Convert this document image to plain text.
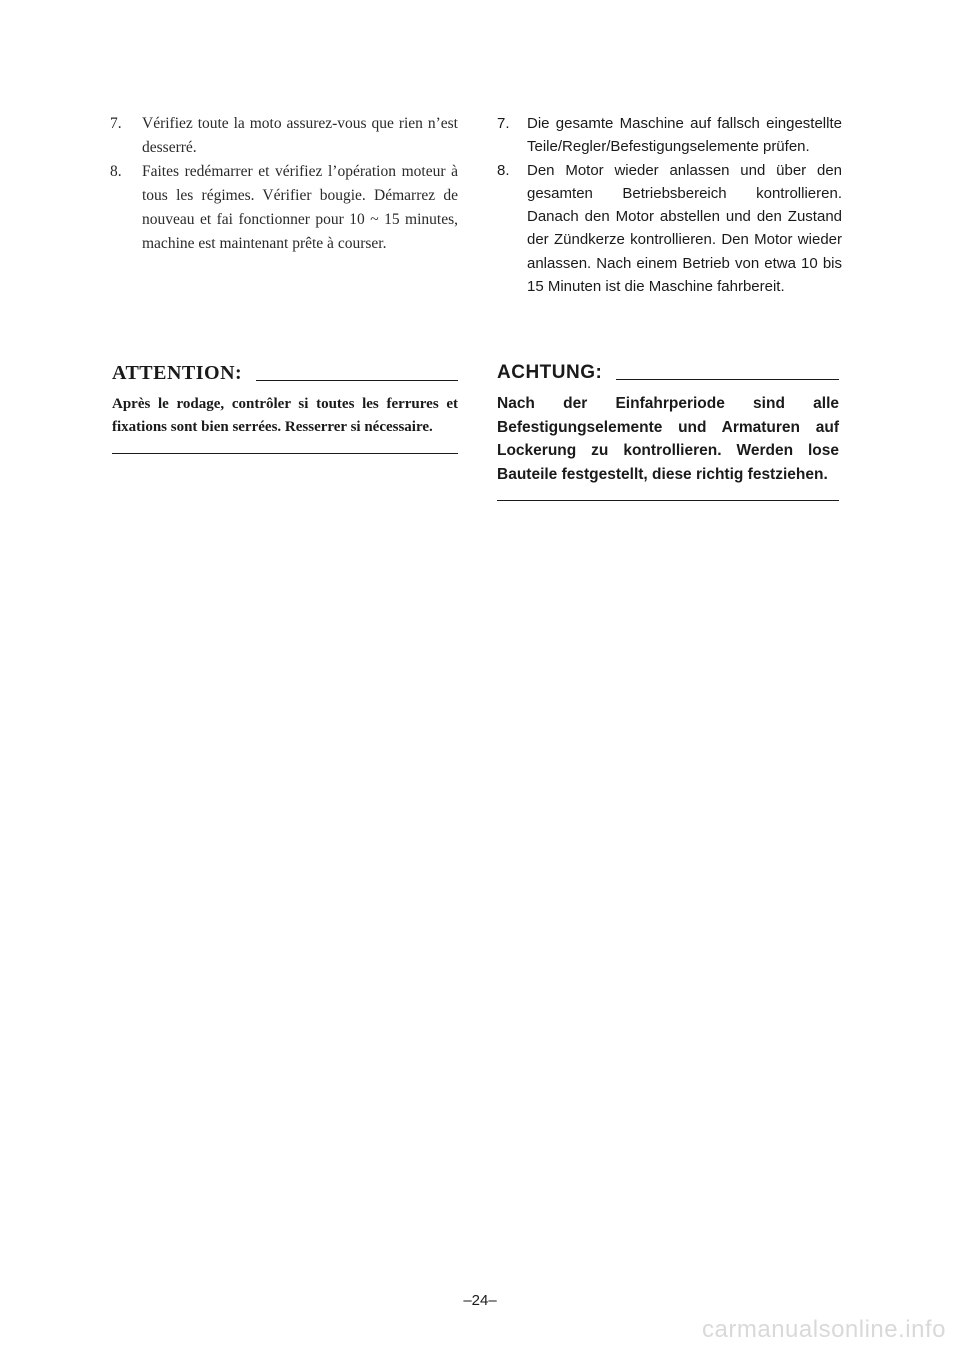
7.	Vérifiez toute la moto assurez-vous que rien n’est desserré.
8.	Faites redémarrer et vérifiez l’opération moteur à tous les régimes. Vérifier bougie. Démarrez de nouveau et fai fonctionner pour 10 ~ 15 minutes, machine est maintenant prête à courser.
7.	Die gesamte Maschine auf fallsch eingestellte Teile/Regler/Befestigungselemente prüfen.
8.	Den Motor wieder anlassen und über den gesamten Betriebsbereich kontrollieren. Danach den Motor abstellen und den Zustand der Zündkerze kontrollieren. Den Motor wieder anlassen. Nach einem Betrieb von etwa 10 bis 15 Minuten ist die Maschine fahrbereit.
ATTENTION:
Après le rodage, contrôler si toutes les ferrures et fixations sont bien serrées. Resserrer si nécessaire.
ACHTUNG:
Nach der Einfahrperiode sind alle Befestigungselemente und Armaturen auf Lockerung zu kontrollieren. Werden lose Bauteile festgestellt, diese richtig festziehen.
–24–
carmanualsonline.info
